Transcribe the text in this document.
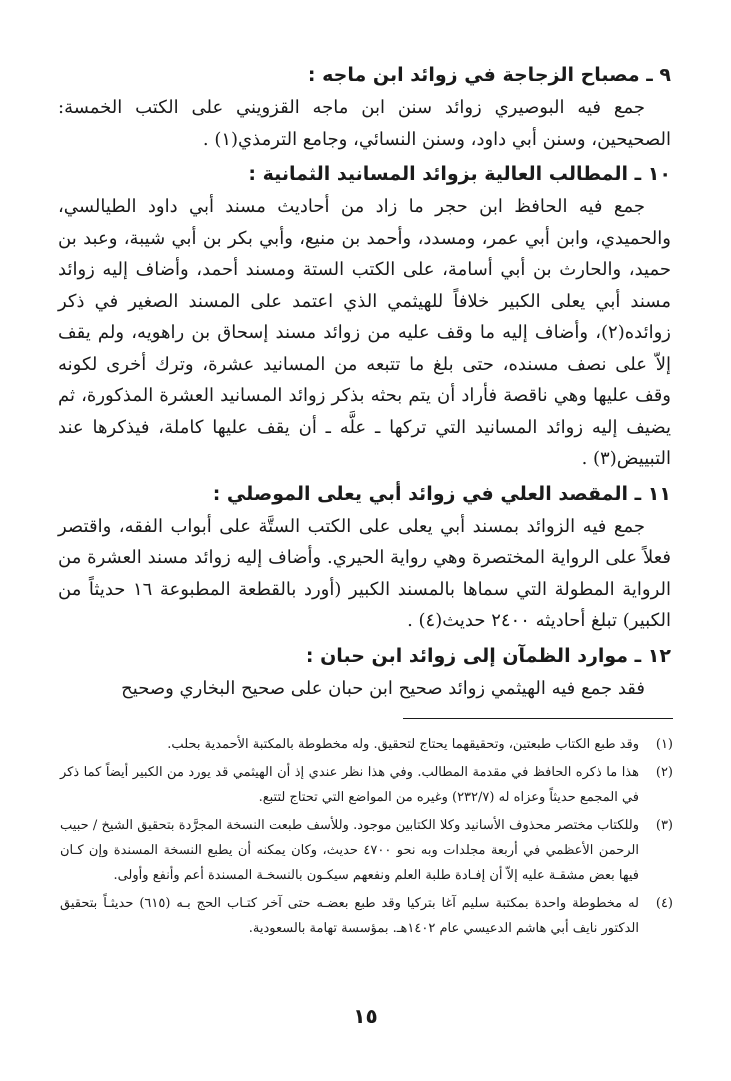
٩ ـ مصباح الزجاجة في زوائد ابن ماجه :

جمع فيه البوصيري زوائد سنن ابن ماجه القزويني على الكتب الخمسة: الصحيحين، وسنن أبي داود، وسنن النسائي، وجامع الترمذي(١) .

١٠ ـ المطالب العالية بزوائد المسانيد الثمانية :

جمع فيه الحافظ ابن حجر ما زاد من أحاديث مسند أبي داود الطيالسي، والحميدي، وابن أبي عمر، ومسدد، وأحمد بن منيع، وأبي بكر بن أبي شيبة، وعبد بن حميد، والحارث بن أبي أسامة، على الكتب الستة ومسند أحمد، وأضاف إليه زوائد مسند أبي يعلى الكبير خلافاً للهيثمي الذي اعتمد على المسند الصغير في ذكر زوائده(٢)، وأضاف إليه ما وقف عليه من زوائد مسند إسحاق بن راهويه، ولم يقف إلاّ على نصف مسنده، حتى بلغ ما تتبعه من المسانيد عشرة، وترك أخرى لكونه وقف عليها وهي ناقصة فأراد أن يتم بحثه بذكر زوائد المسانيد العشرة المذكورة، ثم يضيف إليه زوائد المسانيد التي تركها ـ علَّه ـ أن يقف عليها كاملة، فيذكرها عند التبييض(٣) .

١١ ـ المقصد العلي في زوائد أبي يعلى الموصلي :

جمع فيه الزوائد بمسند أبي يعلى على الكتب الستَّة على أبواب الفقه، واقتصر فعلاً على الرواية المختصرة وهي رواية الحيري. وأضاف إليه زوائد مسند العشرة من الرواية المطولة التي سماها بالمسند الكبير (أورد بالقطعة المطبوعة ١٦ حديثاً من الكبير) تبلغ أحاديثه ٢٤٠٠ حديث(٤) .

١٢ ـ موارد الظمآن إلى زوائد ابن حبان :

فقد جمع فيه الهيثمي زوائد صحيح ابن حبان على صحيح البخاري وصحيح

(١)
وقد طبع الكتاب طبعتين، وتحقيقهما يحتاج لتحقيق. وله مخطوطة بالمكتبة الأحمدية بحلب.
(٢)
هذا ما ذكره الحافظ في مقدمة المطالب. وفي هذا نظر عندي إذ أن الهيثمي قد يورد من الكبير أيضاً كما ذكر في المجمع حديثاً وعزاه له (٢٣٢/٧) وغيره من المواضع التي تحتاج لتتبع.
(٣)
وللكتاب مختصر محذوف الأسانيد وكلا الكتابين موجود. وللأسف طبعت النسخة المجرَّدة بتحقيق الشيخ / حبيب الرحمن الأعظمي في أربعة مجلدات وبه نحو ٤٧٠٠ حديث، وكان يمكنه أن يطبع النسخة المسندة وإن كـان فيها بعض مشقـة عليه إلاّ أن إفـادة طلبة العلم ونفعهم سيكـون بالنسخـة المسندة أعم وأنفع وأولى.
(٤)
له مخطوطة واحدة بمكتبة سليم آغا بتركيا وقد طبع بعضـه حتى آخر كتـاب الحج بـه (٦١٥) حديثـاً بتحقيق الدكتور نايف أبي هاشم الدعيسي عام ١٤٠٢هـ. بمؤسسة تهامة بالسعودية.
١٥
